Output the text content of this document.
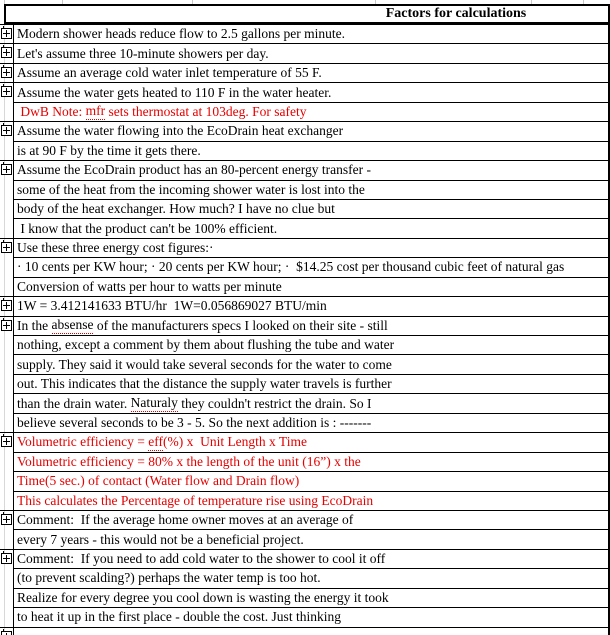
Factors for calculations
Modern shower heads reduce flow to 2.5 gallons per minute.
Let's assume three 10-minute showers per day.
Assume an average cold water inlet temperature of 55 F.
Assume the water gets heated to 110 F in the water heater.
DwB Note: mfr sets thermostat at 103deg. For safety
Assume the water flowing into the EcoDrain heat exchanger
is at 90 F by the time it gets there.
Assume the EcoDrain product has an 80-percent energy transfer -
some of the heat from the incoming shower water is lost into the
body of the heat exchanger. How much? I have no clue but
I know that the product can't be 100% efficient.
Use these three energy cost figures:·
· 10 cents per KW hour; · 20 cents per KW hour; ·  $14.25 cost per thousand cubic feet of natural gas
Conversion of watts per hour to watts per minute
1W = 3.412141633 BTU/hr  1W=0.056869027 BTU/min
In the absense of the manufacturers specs I looked on their site - still
nothing, except a comment by them about flushing the tube and water
supply. They said it would take several seconds for the water to come
out. This indicates that the distance the supply water travels is further
than the drain water. Naturaly they couldn't restrict the drain. So I
believe several seconds to be 3 - 5. So the next addition is : -------
Volumetric efficiency = eff (%) x  Unit Length x Time
Volumetric efficiency = 80% x the length of the unit (16”) x the
Time(5 sec.) of contact (Water flow and Drain flow)
This calculates the Percentage of temperature rise using EcoDrain
Comment:  If the average home owner moves at an average of
every 7 years - this would not be a beneficial project.
Comment:  If you need to add cold water to the shower to cool it off
(to prevent scalding?) perhaps the water temp is too hot.
Realize for every degree you cool down is wasting the energy it took
to heat it up in the first place - double the cost. Just thinking
